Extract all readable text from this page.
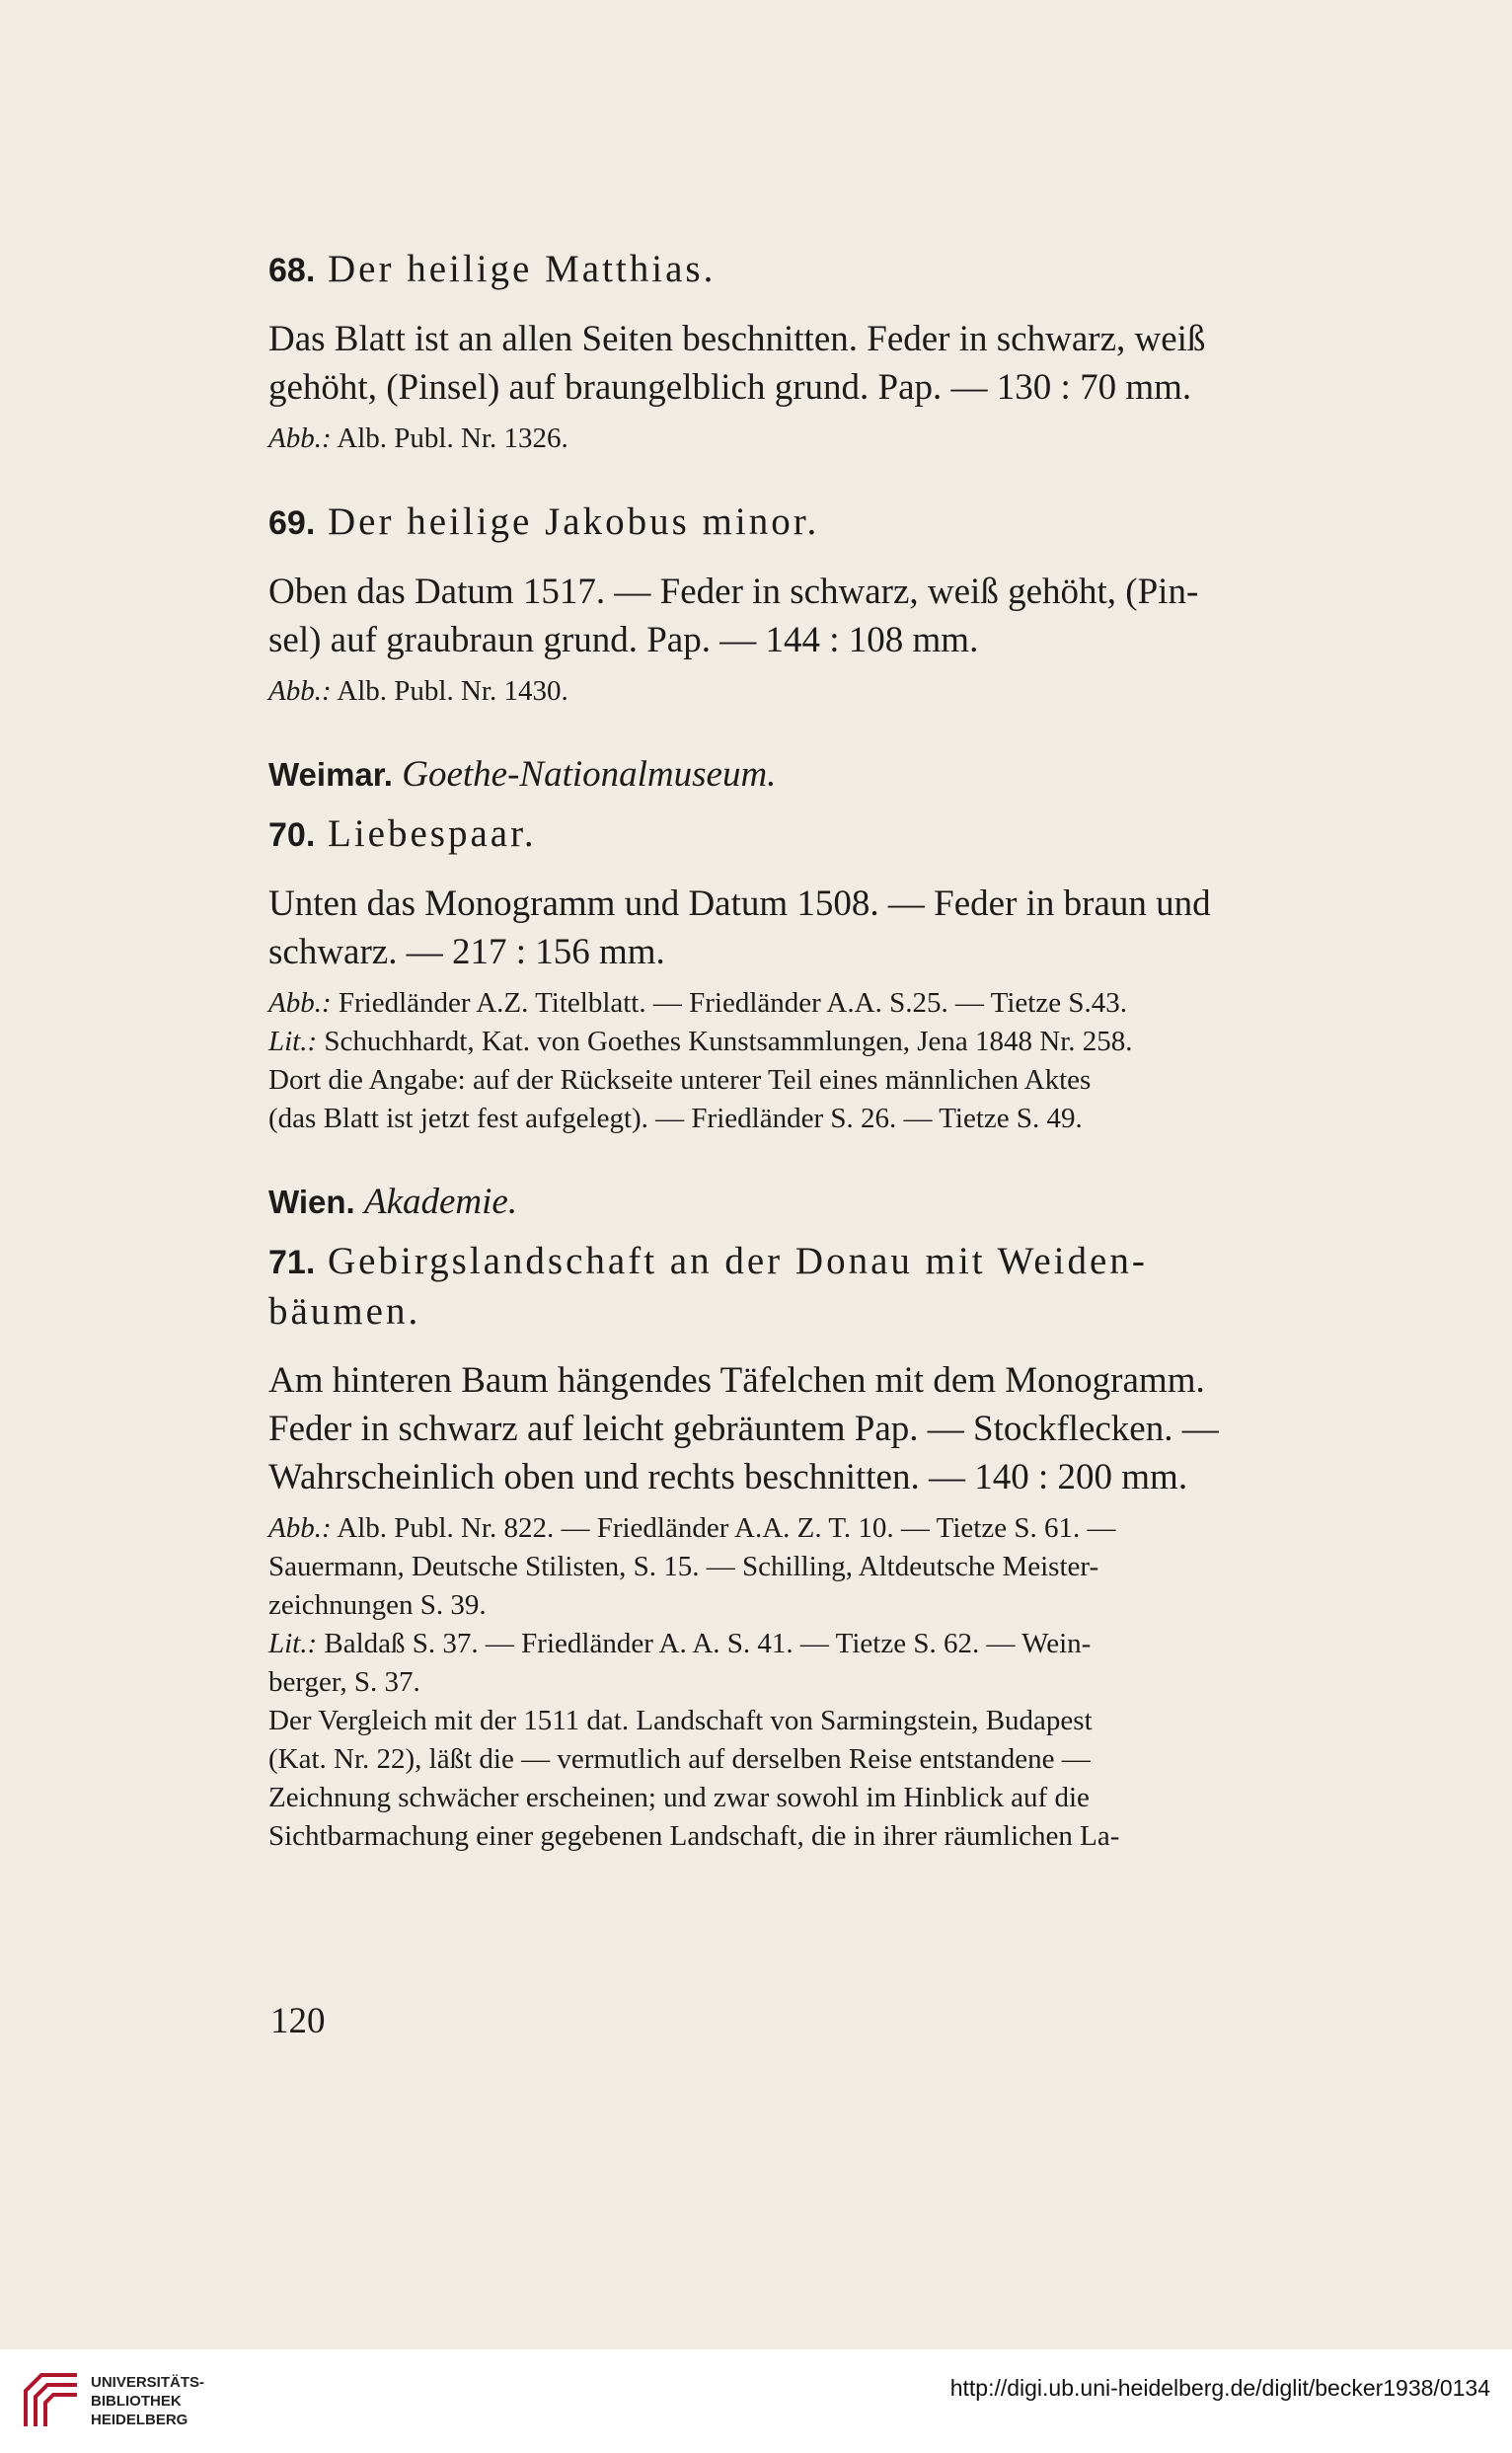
68. Der heilige Matthias.

Das Blatt ist an allen Seiten beschnitten. Feder in schwarz, weiß
gehöht, (Pinsel) auf braungelblich grund. Pap. — 130 : 70 mm.

Abb.: Alb. Publ. Nr. 1326.

69. Der heilige Jakobus minor.

Oben das Datum 1517. — Feder in schwarz, weiß gehöht, (Pin-
sel) auf graubraun grund. Pap. — 144 : 108 mm.

Abb.: Alb. Publ. Nr. 1430.

Weimar. Goethe-Nationalmuseum.

70. Liebespaar.

Unten das Monogramm und Datum 1508. — Feder in braun und
schwarz. — 217 : 156 mm.

Abb.: Friedländer A.Z. Titelblatt. — Friedländer A.A. S.25. — Tietze S.43.

Lit.: Schuchhardt, Kat. von Goethes Kunstsammlungen, Jena 1848 Nr. 258.
Dort die Angabe: auf der Rückseite unterer Teil eines männlichen Aktes
(das Blatt ist jetzt fest aufgelegt). — Friedländer S. 26. — Tietze S. 49.

Wien. Akademie.

71. Gebirgslandschaft an der Donau mit Weiden-
bäumen.

Am hinteren Baum hängendes Täfelchen mit dem Monogramm.
Feder in schwarz auf leicht gebräuntem Pap. — Stockflecken. —
Wahrscheinlich oben und rechts beschnitten. — 140 : 200 mm.

Abb.: Alb. Publ. Nr. 822. — Friedländer A.A. Z. T. 10. — Tietze S. 61. —
Sauermann, Deutsche Stilisten, S. 15. — Schilling, Altdeutsche Meister-
zeichnungen S. 39.

Lit.: Baldaß S. 37. — Friedländer A. A. S. 41. — Tietze S. 62. — Wein-
berger, S. 37.

Der Vergleich mit der 1511 dat. Landschaft von Sarmingstein, Budapest
(Kat. Nr. 22), läßt die — vermutlich auf derselben Reise entstandene —
Zeichnung schwächer erscheinen; und zwar sowohl im Hinblick auf die
Sichtbarmachung einer gegebenen Landschaft, die in ihrer räumlichen La-

120
UNIVERSITÄTS-
BIBLIOTHEK
HEIDELBERG
http://digi.ub.uni-heidelberg.de/diglit/becker1938/0134
